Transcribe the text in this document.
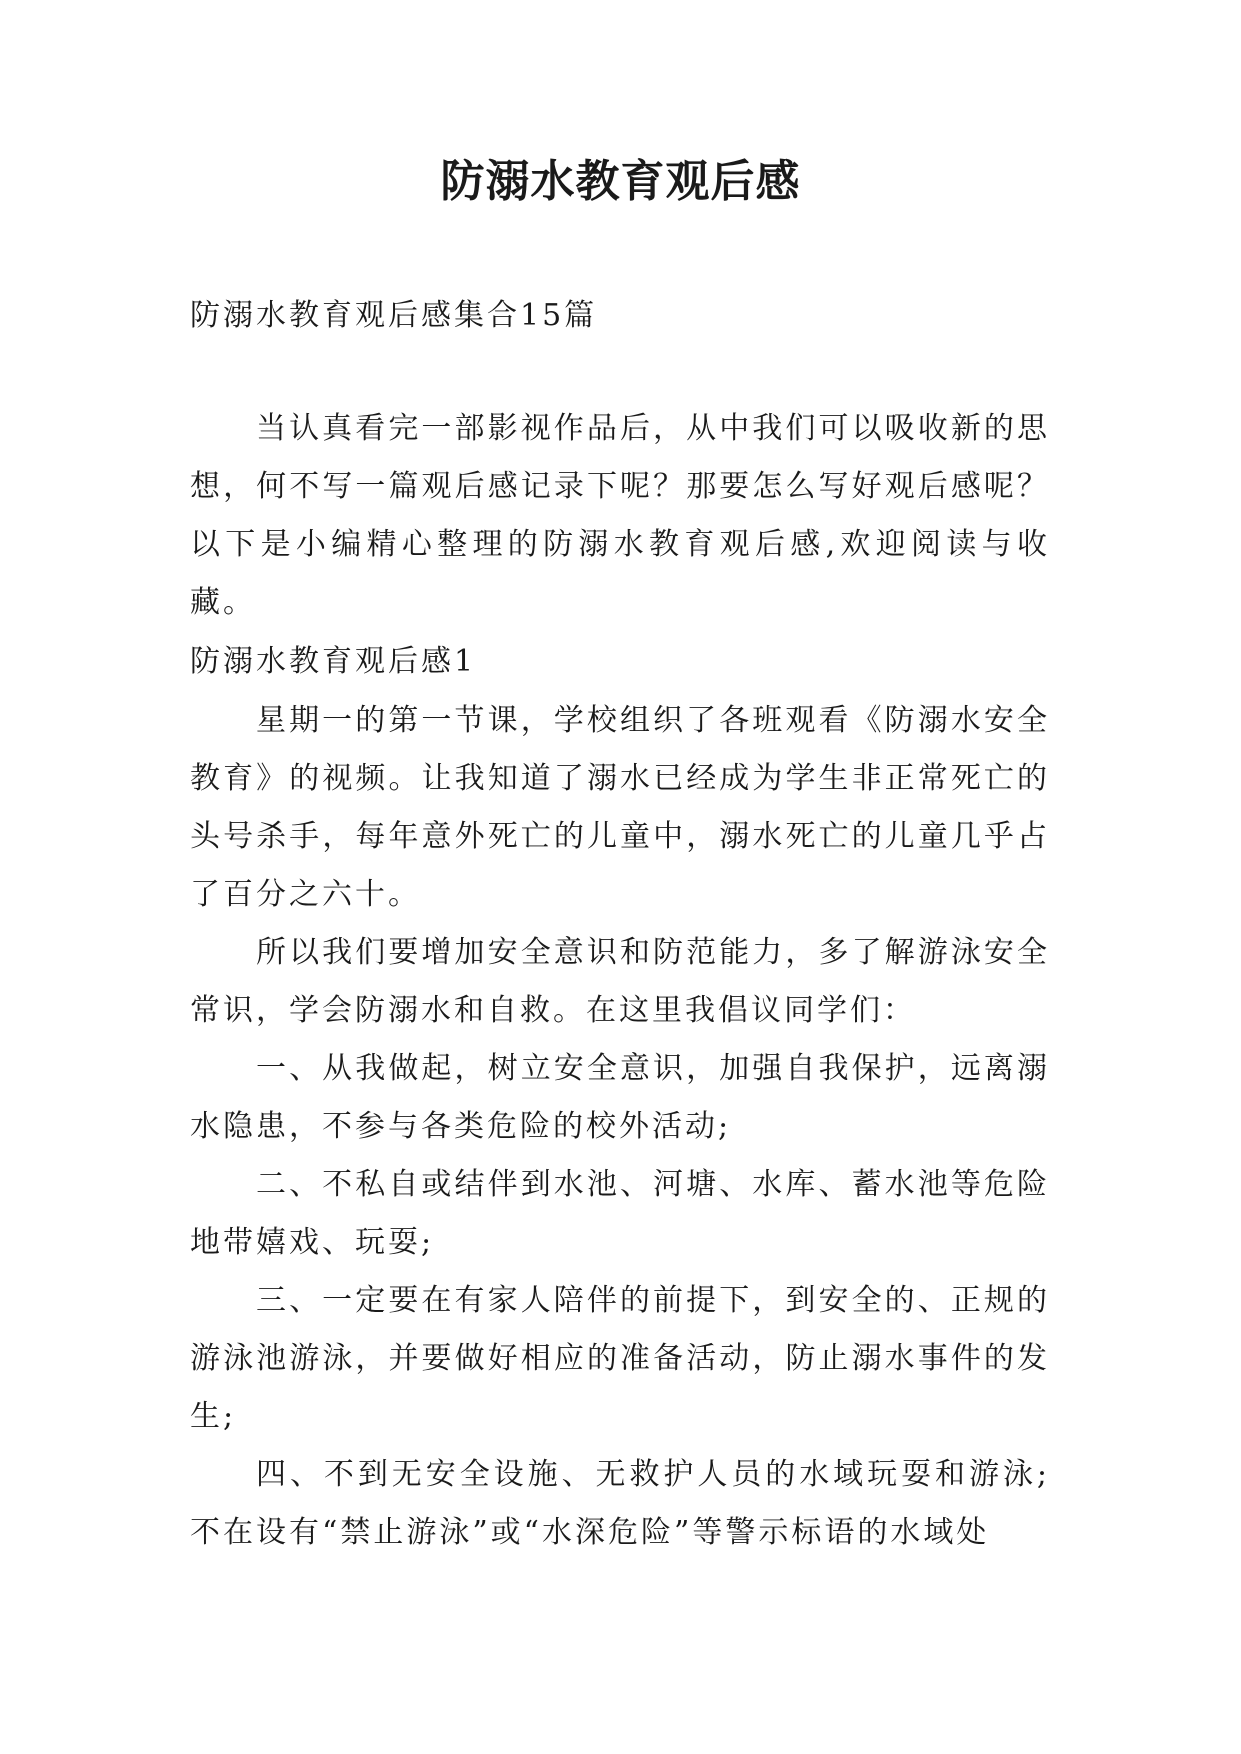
防溺水教育观后感
防溺水教育观后感集合15篇

当认真看完一部影视作品后，从中我们可以吸收新的思想，何不写一篇观后感记录下呢？那要怎么写好观后感呢？以下是小编精心整理的防溺水教育观后感,欢迎阅读与收藏。

防溺水教育观后感1

星期一的第一节课，学校组织了各班观看《防溺水安全教育》的视频。让我知道了溺水已经成为学生非正常死亡的头号杀手，每年意外死亡的儿童中，溺水死亡的儿童几乎占了百分之六十。

所以我们要增加安全意识和防范能力，多了解游泳安全常识，学会防溺水和自救。在这里我倡议同学们：

一、从我做起，树立安全意识，加强自我保护，远离溺水隐患，不参与各类危险的校外活动;

二、不私自或结伴到水池、河塘、水库、蓄水池等危险地带嬉戏、玩耍;

三、一定要在有家人陪伴的前提下，到安全的、正规的游泳池游泳，并要做好相应的准备活动，防止溺水事件的发生;

四、不到无安全设施、无救护人员的水域玩耍和游泳;不在设有“禁止游泳”或“水深危险”等警示标语的水域处
